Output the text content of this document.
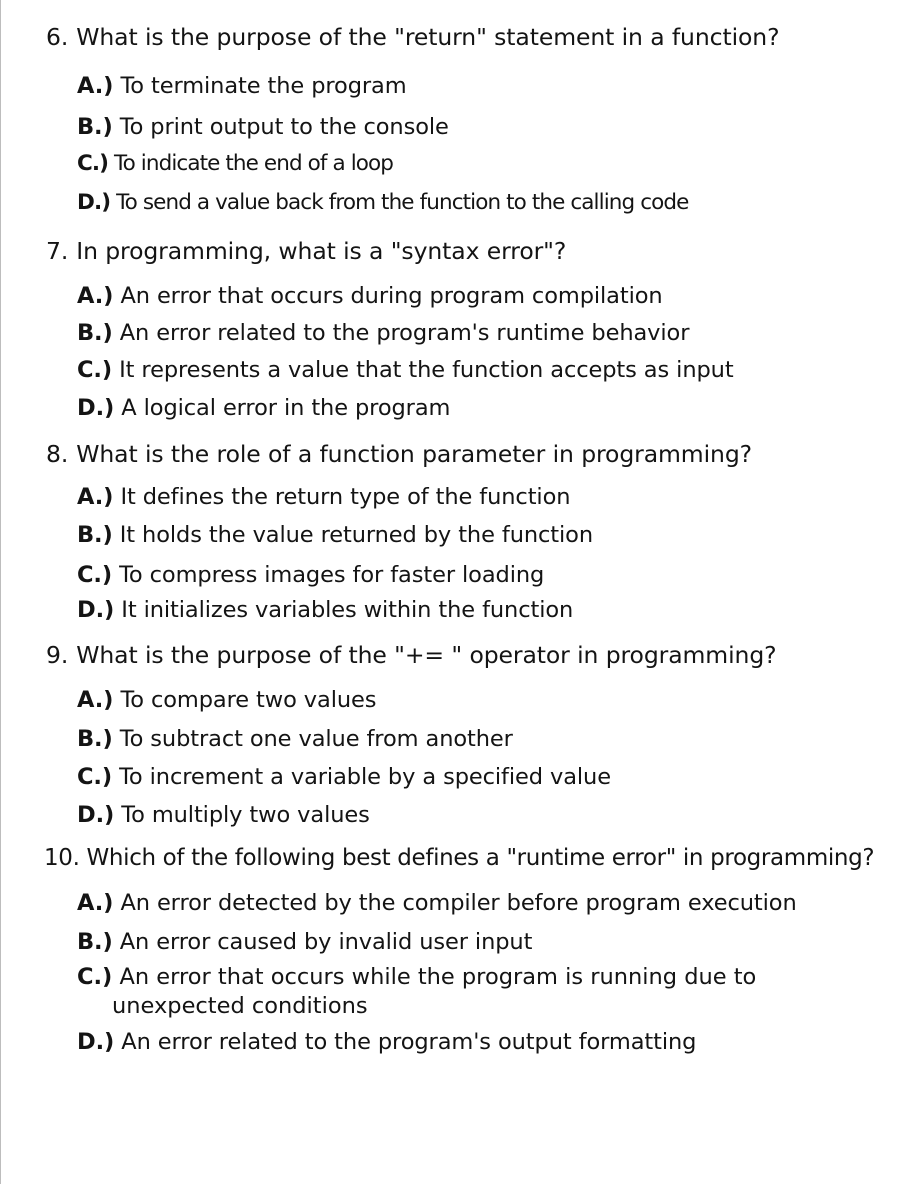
6. What is the purpose of the "return" statement in a function?
A.) To terminate the program
B.) To print output to the console
C.) To indicate the end of a loop
D.) To send a value back from the function to the calling code
7. In programming, what is a "syntax error"?
A.) An error that occurs during program compilation
B.) An error related to the program's runtime behavior
C.) It represents a value that the function accepts as input
D.) A logical error in the program
8. What is the role of a function parameter in programming?
A.) It defines the return type of the function
B.) It holds the value returned by the function
C.) To compress images for faster loading
D.) It initializes variables within the function
9. What is the purpose of the "+= " operator in programming?
A.) To compare two values
B.) To subtract one value from another
C.) To increment a variable by a specified value
D.) To multiply two values
10. Which of the following best defines a "runtime error" in programming?
A.) An error detected by the compiler before program execution
B.) An error caused by invalid user input
C.) An error that occurs while the program is running due to
unexpected conditions
D.) An error related to the program's output formatting
